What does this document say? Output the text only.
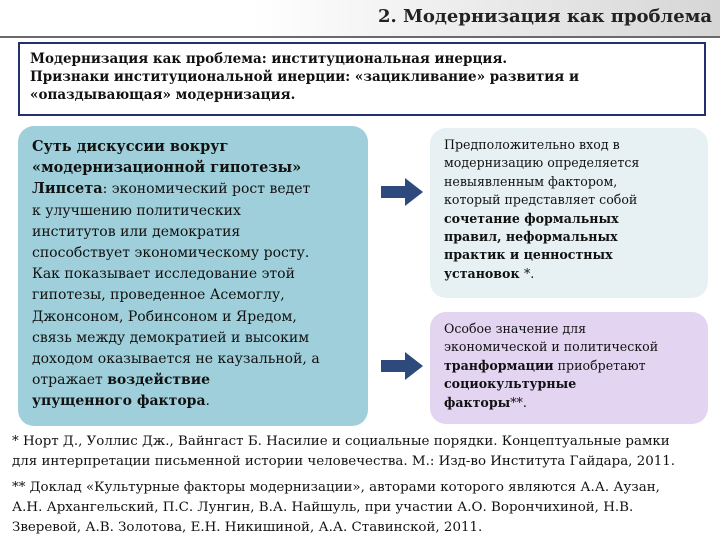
2. Модернизация как проблема
Модернизация как проблема: институциональная инерция.
Признаки институциональной инерции: «зацикливание» развития и
«опаздывающая» модернизация.
Суть дискуссии вокруг
«модернизационной гипотезы»
Липсета: экономический рост ведет
к улучшению политических
институтов или демократия
способствует экономическому росту.
Как показывает исследование этой
гипотезы, проведенное Асемоглу,
Джонсоном, Робинсоном и Яредом,
связь между демократией и высоким
доходом оказывается не каузальной, а
отражает воздействие
упущенного фактора.
Предположительно вход в
модернизацию определяется
невыявленным фактором,
который представляет собой
сочетание формальных
правил, неформальных
практик и ценностных
установок *.
Особое значение для
экономической и политической
транформации приобретают
социокультурные
факторы**.
* Норт Д., Уоллис Дж., Вайнгаст Б. Насилие и социальные порядки. Концептуальные рамки
для интерпретации письменной истории человечества. М.: Изд-во Института Гайдара, 2011.
** Доклад «Культурные факторы модернизации», авторами которого являются А.А. Аузан,
А.Н. Архангельский, П.С. Лунгин, В.А. Найшуль, при участии А.О. Ворончихиной, Н.В.
Зверевой, А.В. Золотова, Е.Н. Никишиной, А.А. Ставинской, 2011.
